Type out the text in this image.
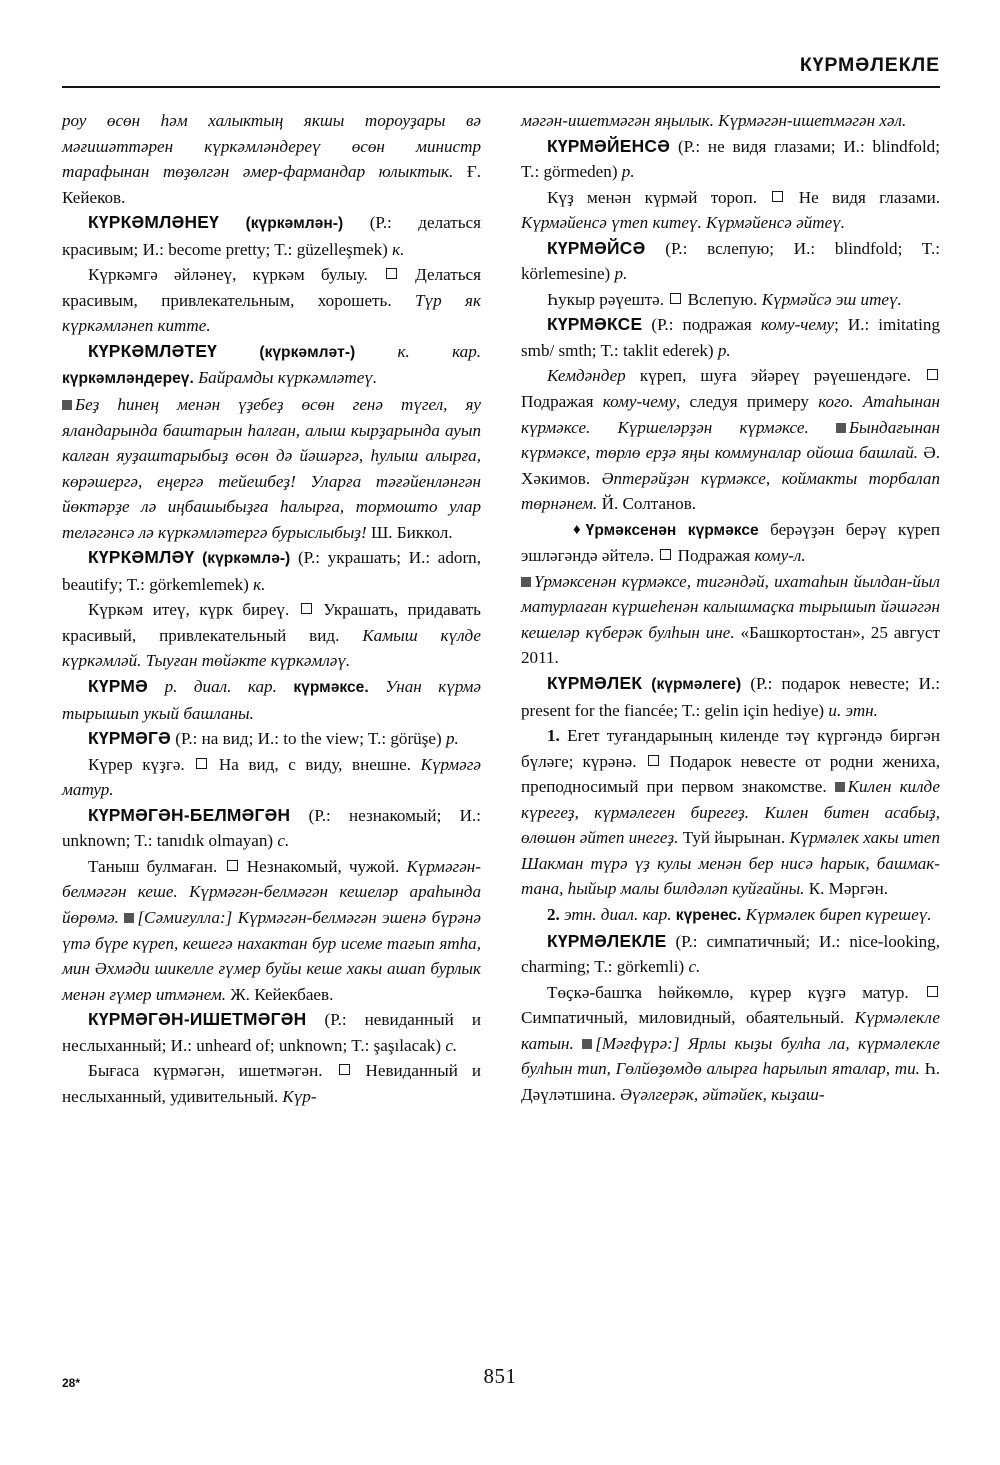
КҮРМӘЛЕКЛЕ

роу өсөн һәм халыктың якшы тороуҙары вә мәғишәттәрен күркәмләндереү өсөн министр тарафынан төҙөлгән әмер-фармандар юлыктык. Ғ. Кейеков.

КҮРКӘМЛӘНЕҮ (күркәмлән-) (Р.: делаться красивым; И.: become pretty; T.: güzelleşmek) к.

Күркәмгә әйләнеү, күркәм булыу.	Делаться красивым, привлекательным, хорошеть. Түр як күркәмләнеп китте.

КҮРКӘМЛӘТЕҮ	(күркәмләт-) к. кар. күркәмләндереү. Байрамды күркәмләтеү.

Беҙ һинең менән үҙебеҙ өсөн генә түгел, яу яландарында баштарын һалған, алыш кырҙарында ауып калған яуҙаштарыбыҙ өсөн дә йәшәргә, һулыш алырға, көрәшергә, еңергә тейешбеҙ! Уларға тәғәйенләнгән йөктәрҙе лә иңбашыбыҙға һалырға, тормошто улар теләгәнсә лә күркәмләтергә бурыслыбыҙ! Ш. Биккол.

КҮРКӘМЛӘҮ (күркәмлә-) (Р.: украшать; И.: adorn, beautify; T.: görkemlemek) к.

Күркәм итеү, күрк биреү. Украшать, придавать красивый, привлекательный вид. Камыш күлде күркәмләй. Тыуған төйәкте күркәмләү.

КҮРМӘ р. диал. кар. күрмәксе. Унан күрмә тырышып укый башланы.

КҮРМӘГӘ (Р.: на вид; И.: to the view; T.: görüşe) р.

Күрер күҙгә. На вид, с виду, внешне. Күрмәгә матур.

КҮРМӘГӘН-БЕЛМӘГӘН (Р.: незнакомый; И.: unknown; T.: tanıdık olmayan) с.

Таныш булмаған. Незнакомый, чужой. Күрмәгән-белмәгән кеше. Күрмәгән-белмәгән кешеләр араһында йөрөмә. [Сәмиғулла:] Күрмәгән-белмәгән эшенә бүрәнә үтә бүре күреп, кешегә нахактан бур исеме тағып ятһа, мин Әхмәди шикелле ғүмер буйы кеше хакы ашап бурлык менән ғүмер итмәнем. Ж. Кейекбаев.

КҮРМӘГӘН-ИШЕТМӘГӘН (Р.: невиданный и неслыханный; И.: unheard of; unknown; T.: şaşılacak) с.

Бығаса күрмәгән, ишетмәгән.	Невиданный и неслыханный, удивительный. Күр-

мәгән-ишетмәгән яңылык. Күрмәгән-ишетмәгән хәл.

КҮРМӘЙЕНСӘ (Р.: не видя глазами; И.: blindfold; T.: görmeden) р.

Күҙ менән күрмәй тороп. Не видя глазами. Күрмәйенсә үтеп китеү. Күрмәйенсә әйтеү.

КҮРМӘЙСӘ (Р.: вслепую; И.: blindfold; T.: körlemesine) р.

Һукыр рәүештә. Вслепую. Күрмәйсә эш итеү.

КҮРМӘКСЕ (Р.: подражая кому-чему; И.: imitating smb/ smth; T.: taklit ederek) р.

Кемдәндер күреп, шуға эйәреү рәүешендәге.  Подражая кому-чему, следуя примеру кого. Атаһынан күрмәксе. Күршеләрҙән күрмәксе. Бындағынан күрмәксе, төрлө ерҙә яңы коммуналар ойоша башлай. Ә. Хәкимов. Әптерәйҙән күрмәксе, коймакты торбалап төрнәнем. Й. Солтанов.

♦ Үрмәксенән күрмәксе берәүҙән берәү күреп эшләгәндә әйтелә. Подражая кому-л.

Үрмәксенән күрмәксе, тигәндәй, ихатаһын йылдан-йыл матурлаған күршеһенән калышмаҫка тырышып йәшәгән кешеләр күберәк булһын ине. «Башкортостан», 25 август 2011.

КҮРМӘЛЕК (күрмәлеге) (Р.: подарок невесте; И.: present for the fiancée; T.: gelin için hediye) и. этн.

1. Егет туғандарының киленде тәү күргәндә биргән бүләге; күрәнә. Подарок невесте от родни жениха, преподносимый при первом знакомстве. Килен килде күрегеҙ, күрмәлеген бирегеҙ. Килен битен асабыҙ, өлөшөн әйтеп инегеҙ. Туй йырынан. Күрмәлек хакы итеп Шакман түрә үҙ кулы менән бер нисә һарык, башмак-тана, һыйыр малы билдәләп куйғайны. К. Мәргән.

2. этн. диал. кар. күренес. Күрмәлек биреп күрешеү.

КҮРМӘЛЕКЛЕ (Р.: симпатичный; И.: nice-looking, charming; T.: görkemli) с.

Төҫкә-башҡа һөйкөмлө, күрер күҙгә матур.  Симпатичный, миловидный, обаятельный. Күрмәлекле катын. [Мәғфүрә:] Ярлы кыҙы булһа ла, күрмәлекле булһын тип, Гөлйөҙөмдө алырға һарылып яталар, ти. Һ. Дәүләтшина. Әүәлгерәк, әйтәйек, кыҙаш-

28*	851
